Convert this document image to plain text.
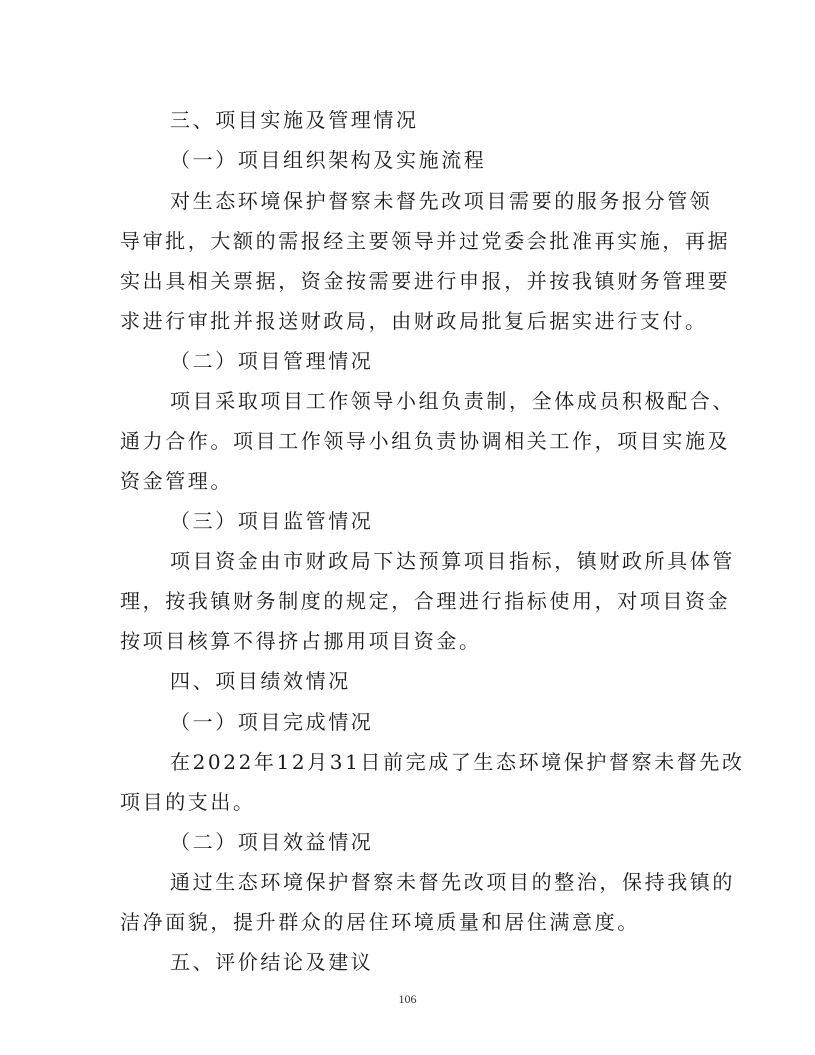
三、项目实施及管理情况
（一）项目组织架构及实施流程
对生态环境保护督察未督先改项目需要的服务报分管领
导审批，大额的需报经主要领导并过党委会批准再实施，再据
实出具相关票据，资金按需要进行申报，并按我镇财务管理要
求进行审批并报送财政局，由财政局批复后据实进行支付。
（二）项目管理情况
项目采取项目工作领导小组负责制，全体成员积极配合、
通力合作。项目工作领导小组负责协调相关工作，项目实施及
资金管理。
（三）项目监管情况
项目资金由市财政局下达预算项目指标，镇财政所具体管
理，按我镇财务制度的规定，合理进行指标使用，对项目资金
按项目核算不得挤占挪用项目资金。
四、项目绩效情况
（一）项目完成情况
在2022年12月31日前完成了生态环境保护督察未督先改
项目的支出。
（二）项目效益情况
通过生态环境保护督察未督先改项目的整治，保持我镇的
洁净面貌，提升群众的居住环境质量和居住满意度。
五、评价结论及建议
106
